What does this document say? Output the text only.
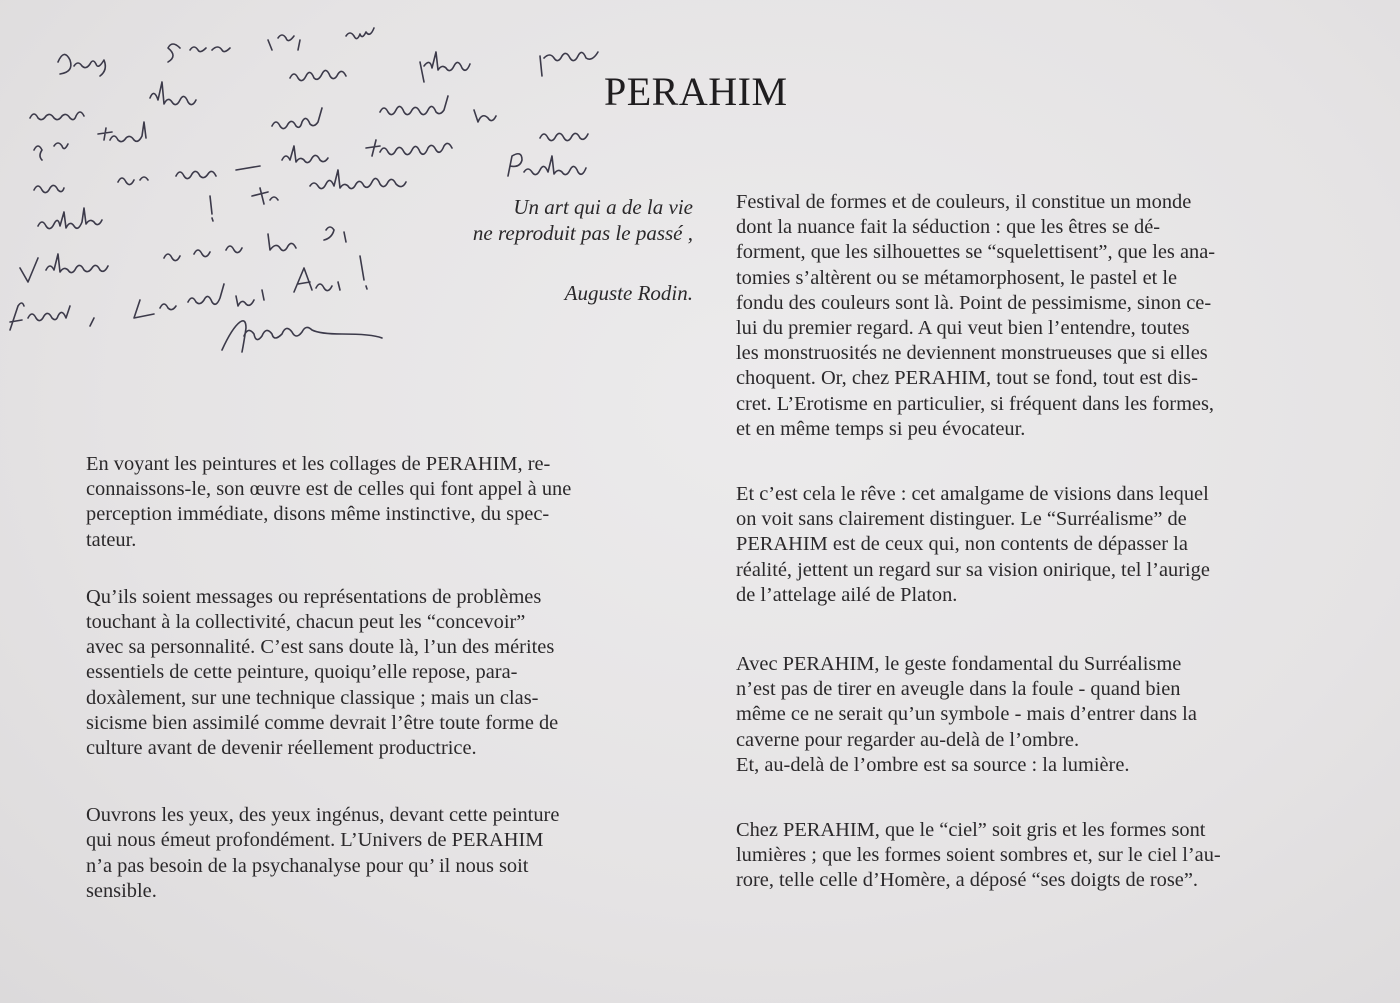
PERAHIM
Un art qui a de la vie
ne reproduit pas le passé ,
Auguste Rodin.

En voyant les peintures et les collages de PERAHIM, re-
connaissons-le, son œuvre est de celles qui font appel à une
perception immédiate, disons même instinctive, du spec-
tateur.

Qu’ils soient messages ou représentations de problèmes
touchant à la collectivité, chacun peut les “concevoir”
avec sa personnalité. C’est sans doute là, l’un des mérites
essentiels de cette peinture, quoiqu’elle repose, para-
doxàlement, sur une technique classique ; mais un clas-
sicisme bien assimilé comme devrait l’être toute forme de
culture avant de devenir réellement productrice.

Ouvrons les yeux, des yeux ingénus, devant cette peinture
qui nous émeut profondément. L’Univers de PERAHIM
n’a pas besoin de la psychanalyse pour qu’ il nous soit
sensible.

Festival de formes et de couleurs, il constitue un monde
dont la nuance fait la séduction : que les êtres se dé-
forment, que les silhouettes se “squelettisent”, que les ana-
tomies s’altèrent ou se métamorphosent, le pastel et le
fondu des couleurs sont là. Point de pessimisme, sinon ce-
lui du premier regard. A qui veut bien l’entendre, toutes
les monstruosités ne deviennent monstrueuses que si elles
choquent. Or, chez PERAHIM, tout se fond, tout est dis-
cret. L’Erotisme en particulier, si fréquent dans les formes,
et en même temps si peu évocateur.

Et c’est cela le rêve : cet amalgame de visions dans lequel
on voit sans clairement distinguer. Le “Surréalisme” de
PERAHIM est de ceux qui, non contents de dépasser la
réalité, jettent un regard sur sa vision onirique, tel l’aurige
de l’attelage ailé de Platon.

Avec PERAHIM, le geste fondamental du Surréalisme
n’est pas de tirer en aveugle dans la foule - quand bien
même ce ne serait qu’un symbole - mais d’entrer dans la
caverne pour regarder au-delà de l’ombre.
Et, au-delà de l’ombre est sa source : la lumière.

Chez PERAHIM, que le “ciel” soit gris et les formes sont
lumières ; que les formes soient sombres et, sur le ciel l’au-
rore, telle celle d’Homère, a déposé “ses doigts de rose”.
